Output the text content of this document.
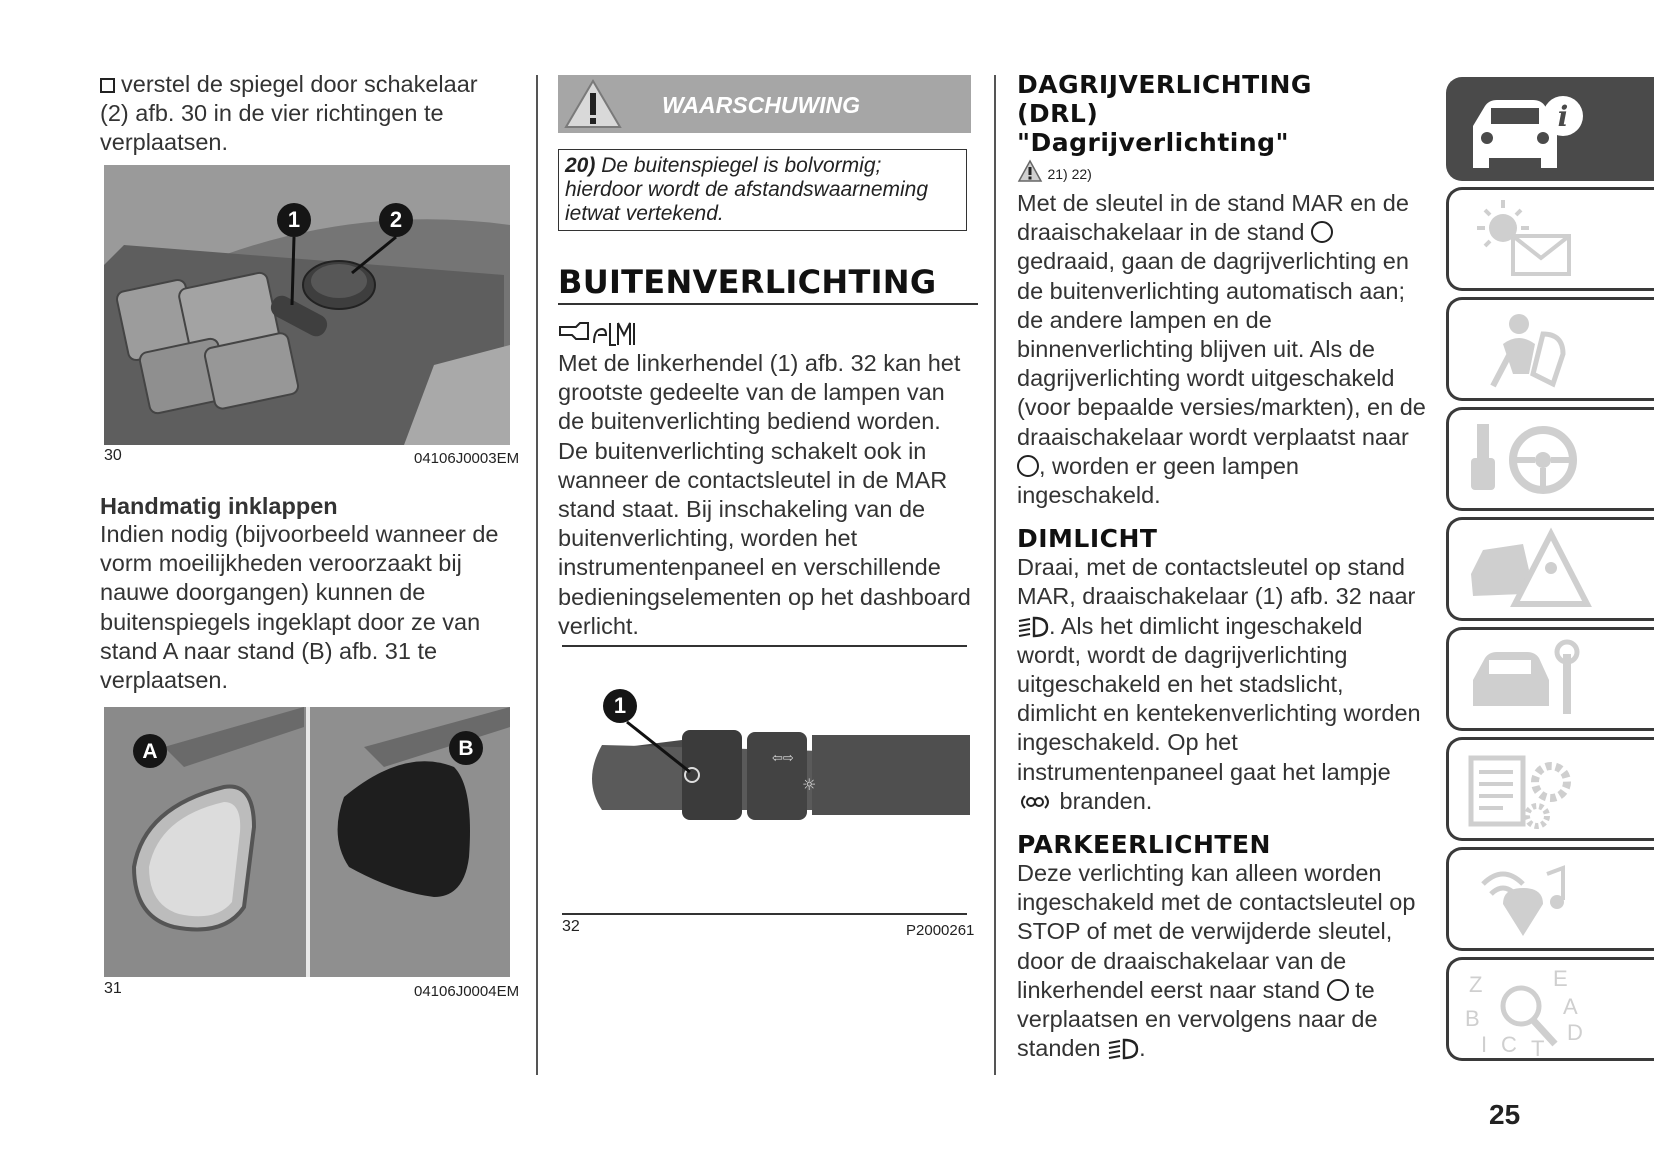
verstel de spiegel door schakelaar (2) afb. 30 in de vier richtingen te verplaatsen.
1	2
30	04106J0003EM

Handmatig inklappen

Indien nodig (bijvoorbeeld wanneer de vorm moeilijkheden veroorzaakt bij nauwe doorgangen) kunnen de buitenspiegels ingeklapt door ze van stand A naar stand (B) afb. 31 te verplaatsen.
A	B
31	04106J0004EM
WAARSCHUWING
20) De buitenspiegel is bolvormig; hierdoor wordt de afstandswaarneming ietwat vertekend.
BUITENVERLICHTING
Met de linkerhendel (1) afb. 32 kan het grootste gedeelte van de lampen van de buitenverlichting bediend worden. De buitenverlichting schakelt ook in wanneer de contactsleutel in de MAR stand staat. Bij inschakeling van de buitenverlichting, worden het instrumentenpaneel en verschillende bedieningselementen op het dashboard verlicht.
⇦⇨
☼
1
32	P2000261
DAGRIJVERLICHTING
(DRL)
"Dagrijverlichting"
21) 22)
Met de sleutel in de stand MAR en de draaischakelaar in de stand  gedraaid, gaan de dagrijverlichting en de buitenverlichting automatisch aan; de andere lampen en de binnenverlichting blijven uit. Als de dagrijverlichting wordt uitgeschakeld (voor bepaalde versies/markten), en de draaischakelaar wordt verplaatst naar , worden er geen lampen ingeschakeld.
DIMLICHT
Draai, met de contactsleutel op stand MAR, draaischakelaar (1) afb. 32 naar . Als het dimlicht ingeschakeld wordt, wordt de dagrijverlichting uitgeschakeld en het stadslicht, dimlicht en kentekenverlichting worden ingeschakeld. Op het instrumentenpaneel gaat het lampje  branden.
PARKEERLICHTEN
Deze verlichting kan alleen worden ingeschakeld met de contactsleutel op STOP of met de verwijderde sleutel, door de draaischakelaar van de linkerhendel eerst naar stand te verplaatsen en vervolgens naar de standen .
i
Z	E
A
B
I C T
D
25
